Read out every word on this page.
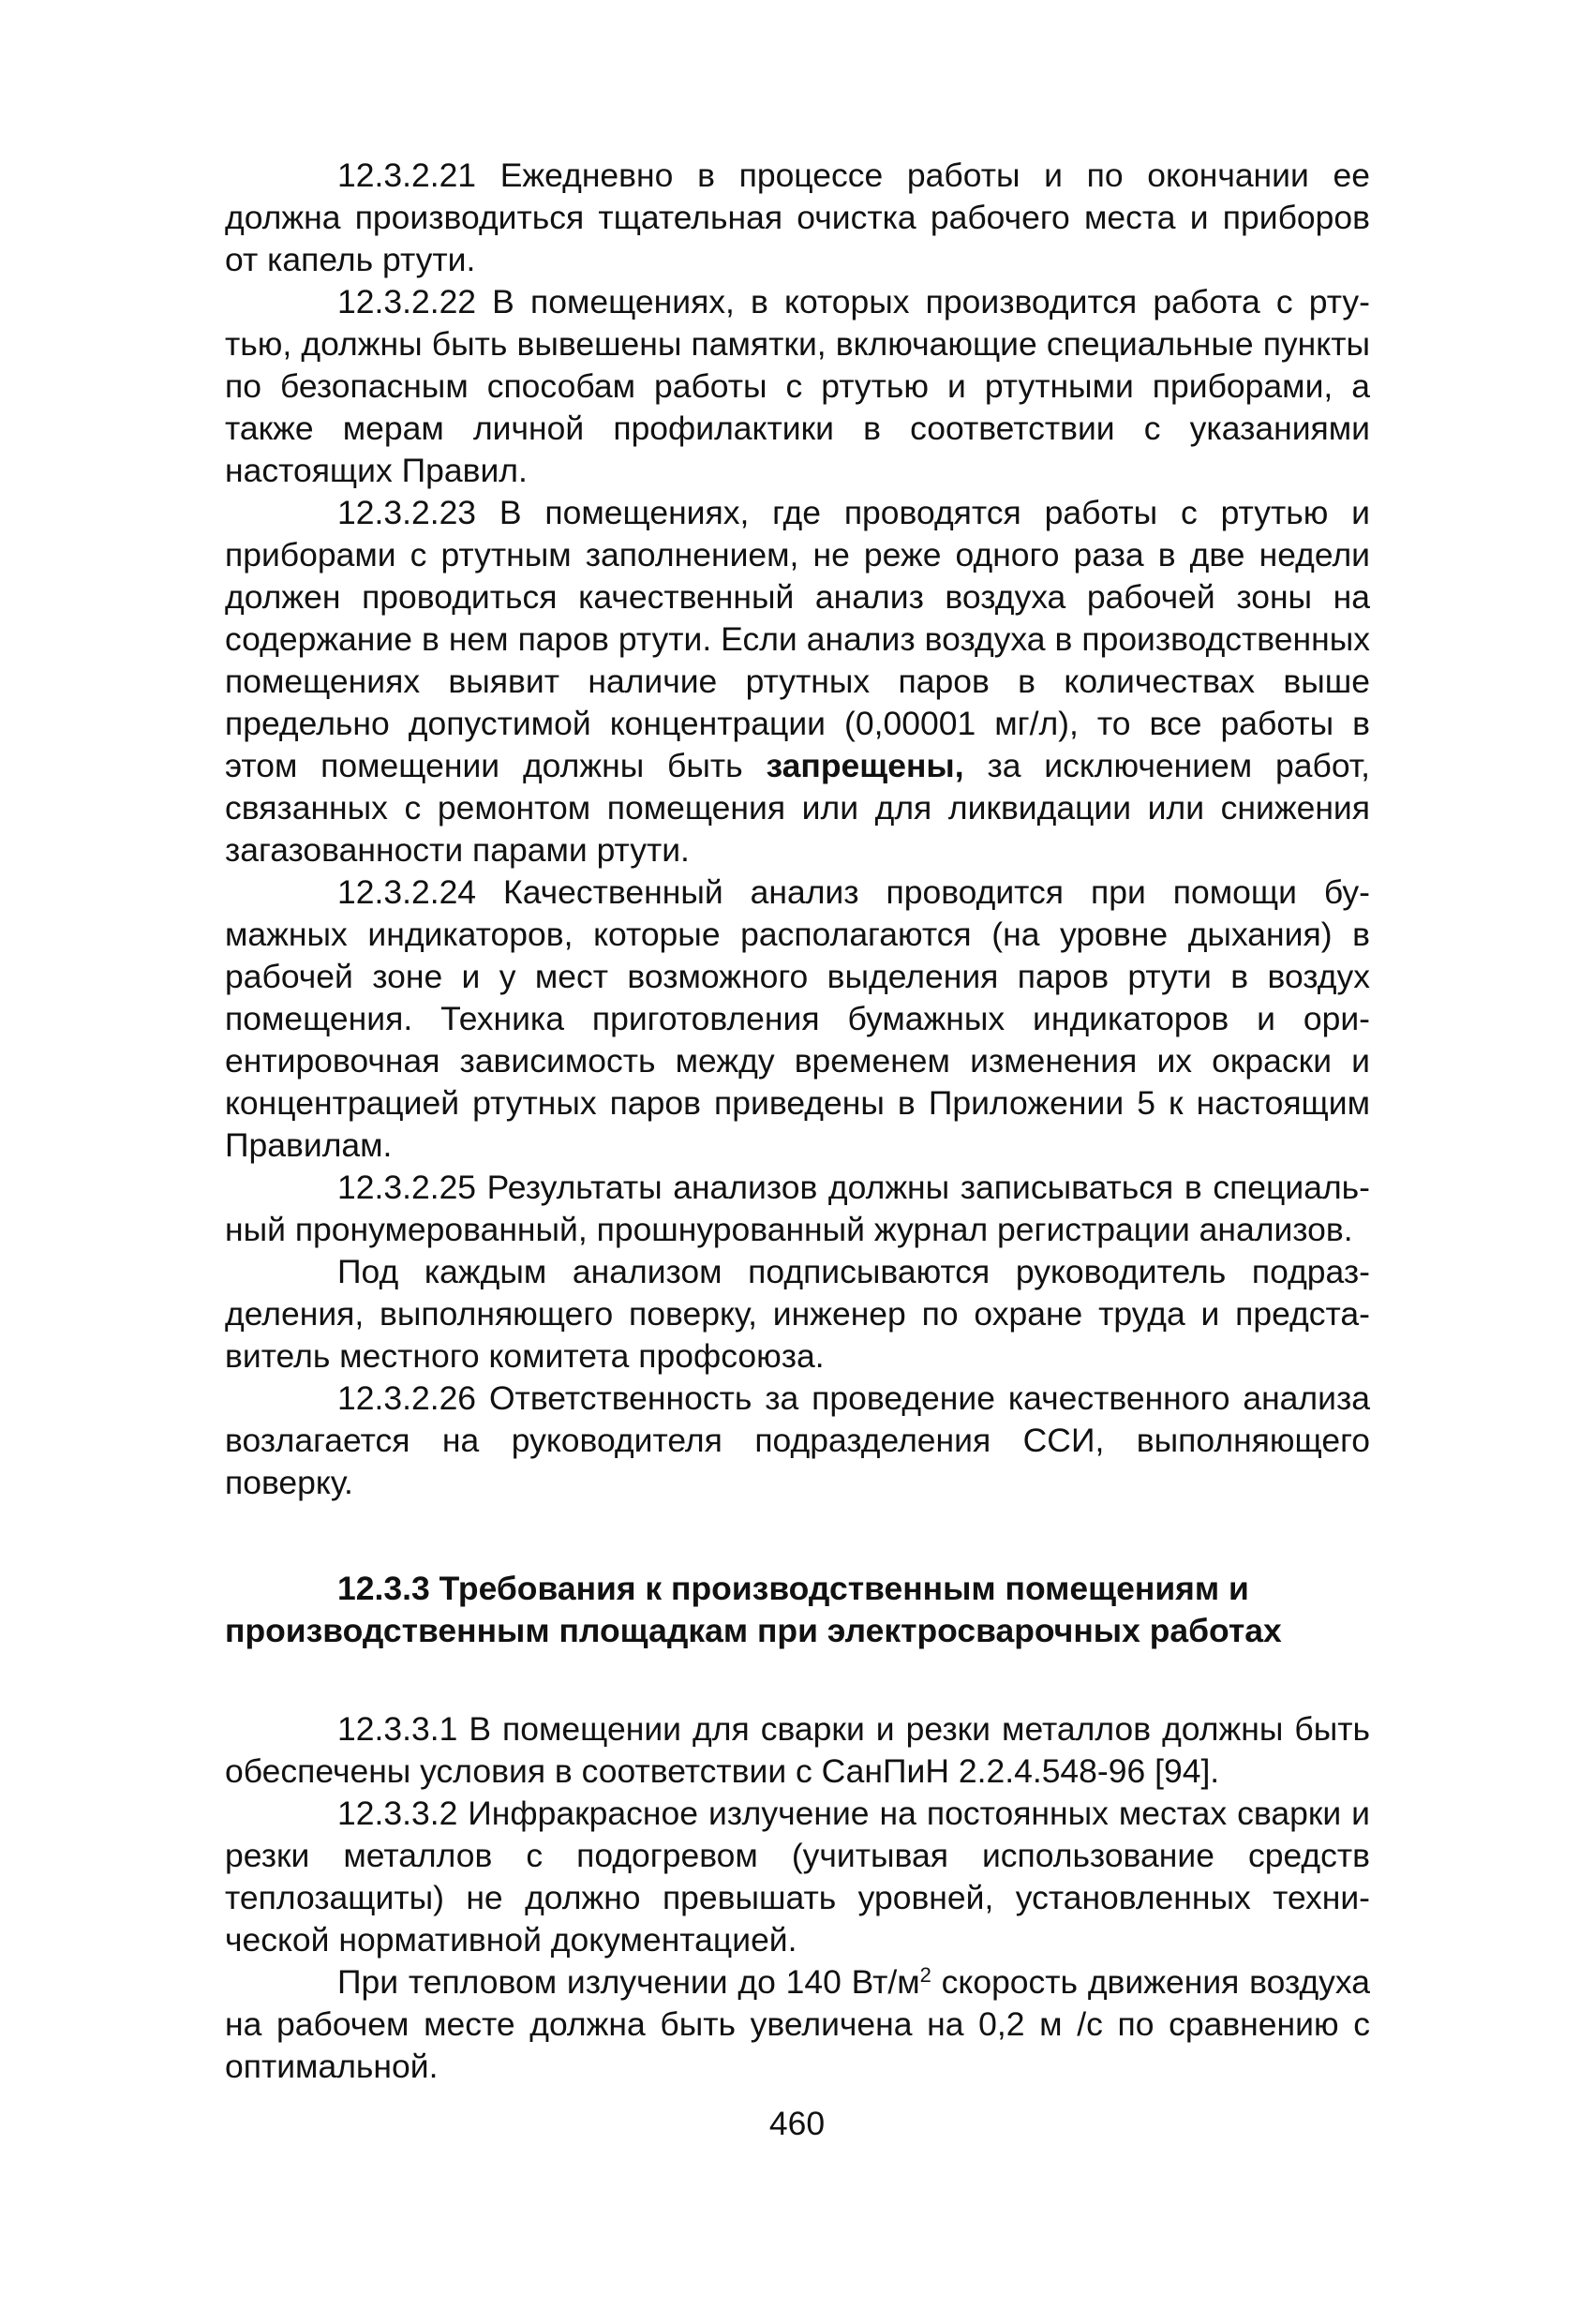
12.3.2.21 Ежедневно в процессе работы и по окончании ее должна производиться тщательная очистка рабочего места и приборов от капель ртути.

12.3.2.22 В помещениях, в которых производится работа с ртутью, должны быть вывешены памятки, включающие специальные пункты по безопасным способам работы с ртутью и ртутными приборами, а также мерам личной профилактики в соответствии с указаниями настоящих Правил.

12.3.2.23 В помещениях, где проводятся работы с ртутью и приборами с ртутным заполнением, не реже одного раза в две недели должен проводиться качественный анализ воздуха рабочей зоны на содержание в нем паров ртути. Если анализ воздуха в производственных помещениях выявит наличие ртутных паров в количествах выше предельно допустимой концентрации (0,00001 мг/л), то все работы в этом помещении должны быть запрещены, за исключением работ, связанных с ремонтом помещения или для ликвидации или снижения загазованности парами ртути.

12.3.2.24 Качественный анализ проводится при помощи бумажных индикаторов, которые располагаются (на уровне дыхания) в рабочей зоне и у мест возможного выделения паров ртути в воздух помещения. Техника приготовления бумажных индикаторов и ориентировочная зависимость между временем изменения их окраски и концентрацией ртутных паров приведены в Приложении 5 к настоящим Правилам.

12.3.2.25 Результаты анализов должны записываться в специальный пронумерованный, прошнурованный журнал регистрации анализов.

Под каждым анализом подписываются руководитель подразделения, выполняющего поверку, инженер по охране труда и представитель местного комитета профсоюза.

12.3.2.26 Ответственность за проведение качественного анализа возлагается на руководителя подразделения ССИ, выполняющего поверку.

12.3.3 Требования к производственным помещениям и
производственным площадкам при электросварочных работах

12.3.3.1 В помещении для сварки и резки металлов должны быть обеспечены условия в соответствии с СанПиН 2.2.4.548-96 [94].

12.3.3.2 Инфракрасное излучение на постоянных местах сварки и резки металлов с подогревом (учитывая использование средств теплозащиты) не должно превышать уровней, установленных технической нормативной документацией.

При тепловом излучении до 140 $Вт/м^2$ скорость движения воздуха на рабочем месте должна быть увеличена на 0,2 м /с по сравнению с оптимальной.

460
